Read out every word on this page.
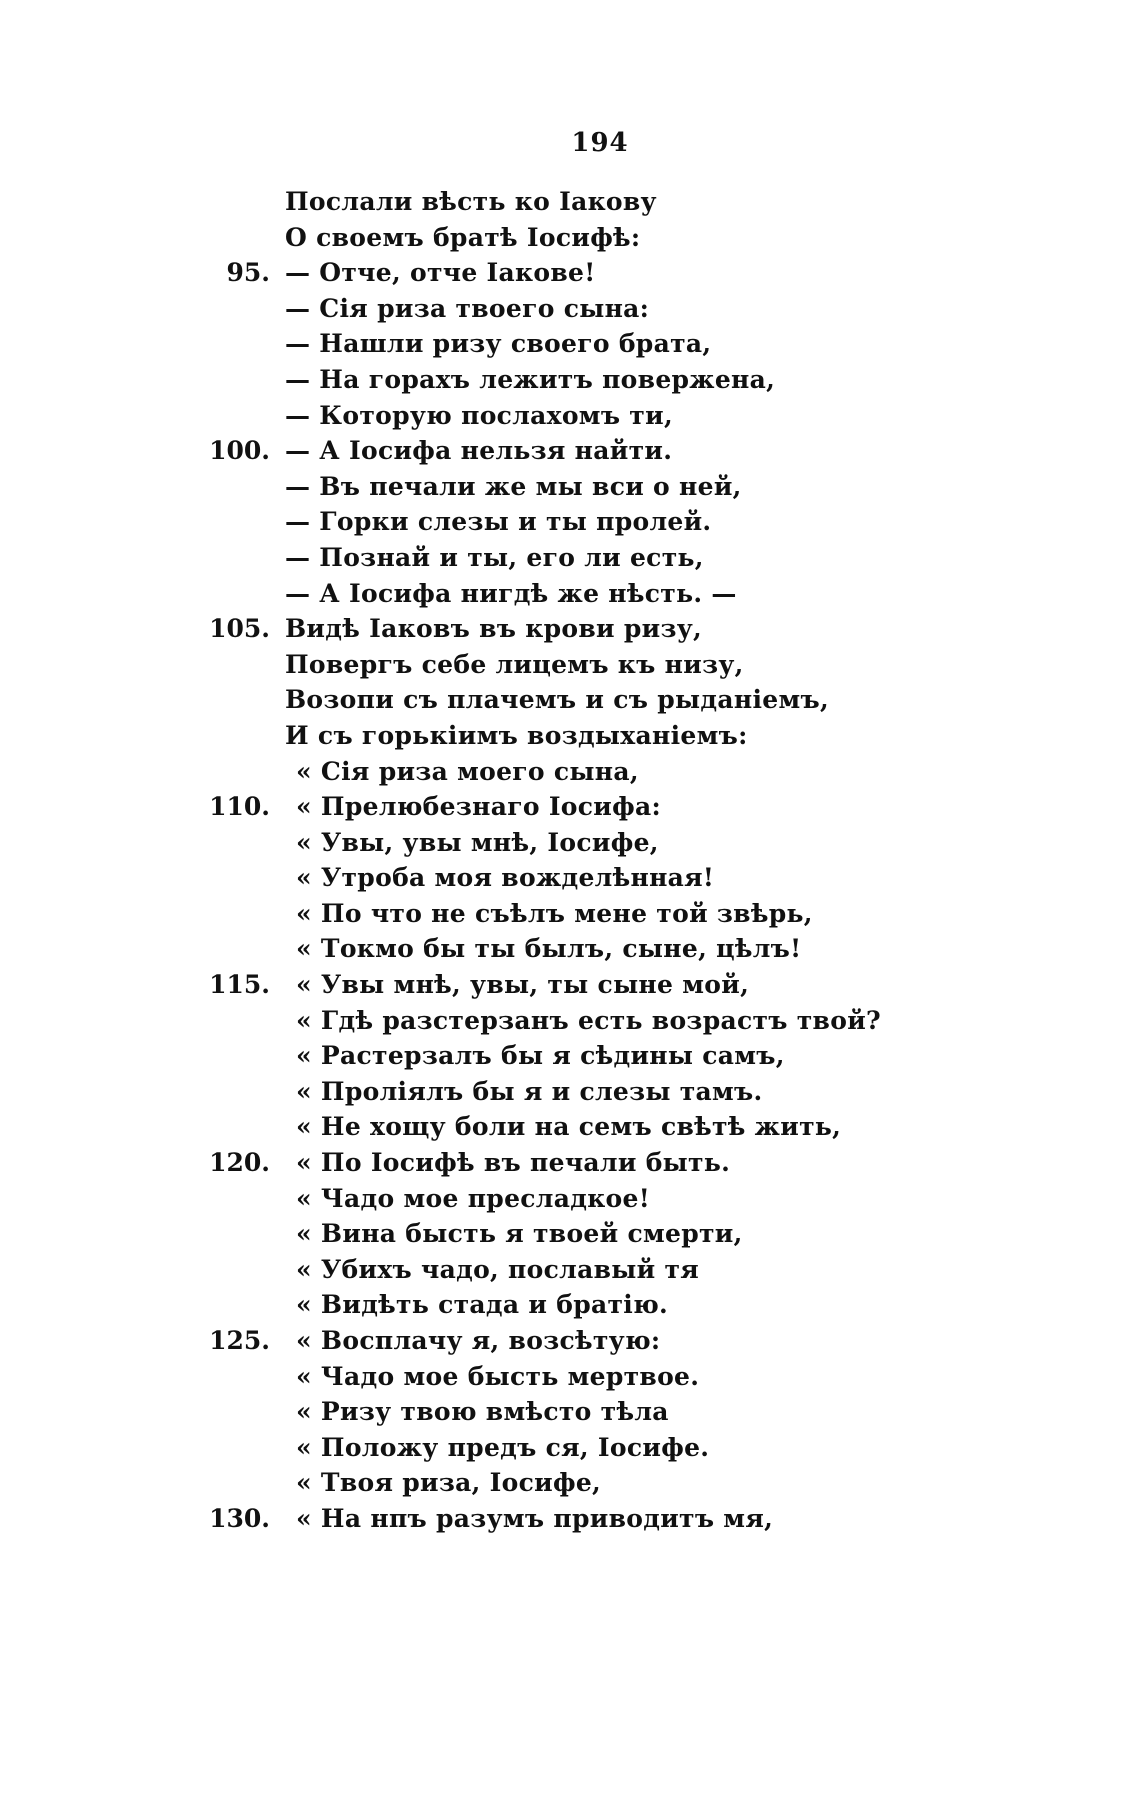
194
Послали вѣсть ко Іакову
О своемъ братѣ Іосифѣ:
95. — Отче, отче Іакове!
— Сія риза твоего сына:
— Нашли ризу своего брата,
— На горахъ лежитъ повержена,
— Которую послахомъ ти,
100. — А Іосифа нельзя найти.
— Въ печали же мы вси о ней,
— Горки слезы и ты пролей.
— Познай и ты, его ли есть,
— А Іосифа нигдѣ же нѣсть. —
105. Видѣ Іаковъ въ крови ризу,
Повергъ себе лицемъ къ низу,
Возопи съ плачемъ и съ рыданіемъ,
И съ горькіимъ воздыханіемъ:
« Сія риза моего сына,
110. « Прелюбезнаго Іосифа:
« Увы, увы мнѣ, Іосифе,
« Утроба моя вожделѣнная!
« По что не съѣлъ мене той звѣрь,
« Токмо бы ты былъ, сыне, цѣлъ!
115. « Увы мнѣ, увы, ты сыне мой,
« Гдѣ разстерзанъ есть возрастъ твой?
« Растерзалъ бы я сѣдины самъ,
« Проліялъ бы я и слезы тамъ.
« Не хощу боли на семъ свѣтѣ жить,
120. « По Іосифѣ въ печали быть.
« Чадо мое пресладкое!
« Вина бысть я твоей смерти,
« Убихъ чадо, пославый тя
« Видѣть стада и братію.
125. « Восплачу я, возсѣтую:
« Чадо мое бысть мертвое.
« Ризу твою вмѣсто тѣла
« Положу предъ ся, Іосифе.
« Твоя риза, Іосифе,
130. « На нпъ разумъ приводитъ мя,
